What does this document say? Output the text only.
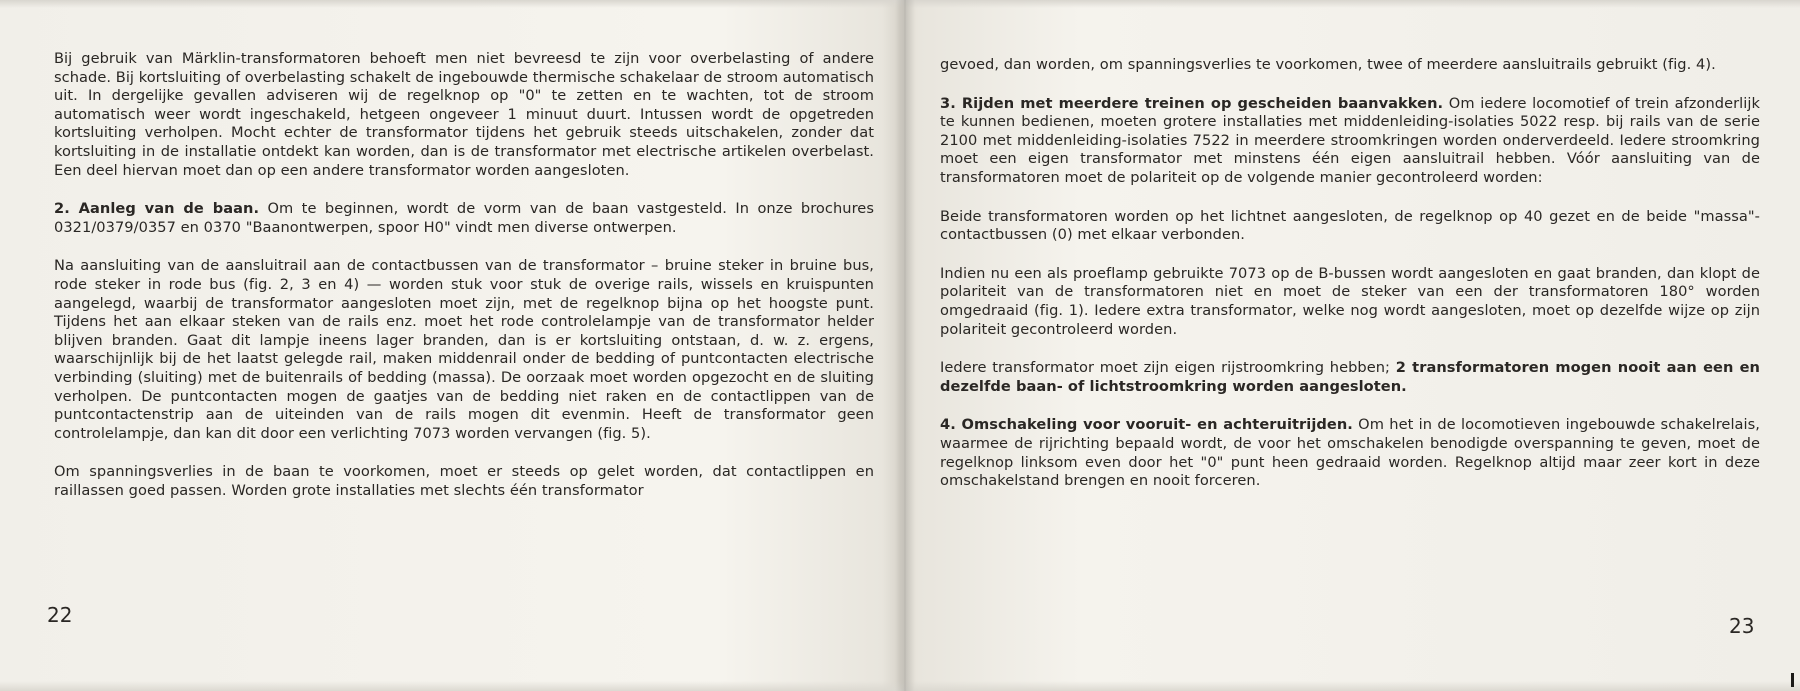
Bij gebruik van Märklin-transformatoren behoeft men niet bevreesd te zijn voor overbelasting of andere schade. Bij kortsluiting of overbelasting schakelt de ingebouwde thermische schakelaar de stroom automatisch uit. In dergelijke gevallen adviseren wij de regelknop op "0" te zetten en te wachten, tot de stroom automatisch weer wordt ingeschakeld, hetgeen ongeveer 1 minuut duurt. Intussen wordt de opgetreden kortsluiting verholpen. Mocht echter de transformator tijdens het gebruik steeds uitschakelen, zonder dat kortsluiting in de installatie ontdekt kan worden, dan is de transformator met electrische artikelen overbelast. Een deel hiervan moet dan op een andere transformator worden aangesloten.

2. Aanleg van de baan. Om te beginnen, wordt de vorm van de baan vastgesteld. In onze brochures 0321/0379/0357 en 0370 "Baanontwerpen, spoor H0" vindt men diverse ontwerpen.

Na aansluiting van de aansluitrail aan de contactbussen van de transformator – bruine steker in bruine bus, rode steker in rode bus (fig. 2, 3 en 4) — worden stuk voor stuk de overige rails, wissels en kruispunten aangelegd, waarbij de transformator aangesloten moet zijn, met de regelknop bijna op het hoogste punt. Tijdens het aan elkaar steken van de rails enz. moet het rode controlelampje van de transformator helder blijven branden. Gaat dit lampje ineens lager branden, dan is er kortsluiting ontstaan, d. w. z. ergens, waarschijnlijk bij de het laatst gelegde rail, maken middenrail onder de bedding of puntcontacten electrische verbinding (sluiting) met de buitenrails of bedding (massa). De oorzaak moet worden opgezocht en de sluiting verholpen. De puntcontacten mogen de gaatjes van de bedding niet raken en de contactlippen van de puntcontactenstrip aan de uiteinden van de rails mogen dit evenmin. Heeft de transformator geen controlelampje, dan kan dit door een verlichting 7073 worden vervangen (fig. 5).

Om spanningsverlies in de baan te voorkomen, moet er steeds op gelet worden, dat contactlippen en raillassen goed passen. Worden grote installaties met slechts één transformator

22

gevoed, dan worden, om spanningsverlies te voorkomen, twee of meerdere aansluitrails gebruikt (fig. 4).

3. Rijden met meerdere treinen op gescheiden baanvakken. Om iedere locomotief of trein afzonderlijk te kunnen bedienen, moeten grotere installaties met middenleiding-isolaties 5022 resp. bij rails van de serie 2100 met middenleiding-isolaties 7522 in meerdere stroomkringen worden onderverdeeld. Iedere stroomkring moet een eigen transformator met minstens één eigen aansluitrail hebben. Vóór aansluiting van de transformatoren moet de polariteit op de volgende manier gecontroleerd worden:

Beide transformatoren worden op het lichtnet aangesloten, de regelknop op 40 gezet en de beide "massa"-contactbussen (0) met elkaar verbonden.

Indien nu een als proeflamp gebruikte 7073 op de B-bussen wordt aangesloten en gaat branden, dan klopt de polariteit van de transformatoren niet en moet de steker van een der transformatoren 180° worden omgedraaid (fig. 1). Iedere extra transformator, welke nog wordt aangesloten, moet op dezelfde wijze op zijn polariteit gecontroleerd worden.

Iedere transformator moet zijn eigen rijstroomkring hebben; 2 transformatoren mogen nooit aan een en dezelfde baan- of lichtstroomkring worden aangesloten.

4. Omschakeling voor vooruit- en achteruitrijden. Om het in de locomotieven ingebouwde schakelrelais, waarmee de rijrichting bepaald wordt, de voor het omschakelen benodigde overspanning te geven, moet de regelknop linksom even door het "0" punt heen gedraaid worden. Regelknop altijd maar zeer kort in deze omschakelstand brengen en nooit forceren.

23
